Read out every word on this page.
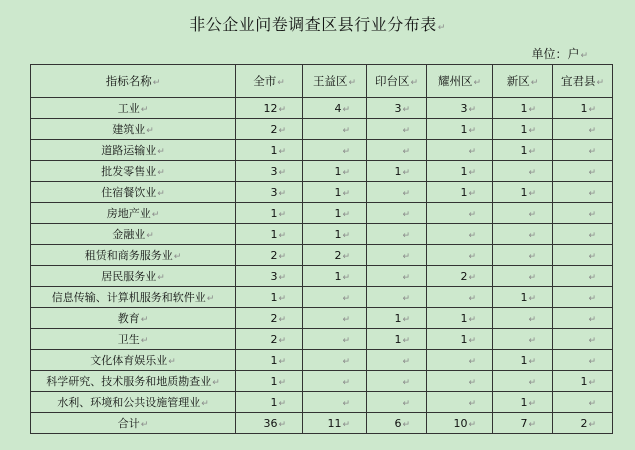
非公企业问卷调查区县行业分布表↵
单位：户↵
指标名称↵	全市↵	王益区↵	印台区↵	耀州区↵	新区↵	宜君县↵
工业↵	12↵	4↵	3↵	3↵	1↵	1↵
建筑业↵	2↵	↵	↵	1↵	1↵	↵
道路运输业↵	1↵	↵	↵	↵	1↵	↵
批发零售业↵	3↵	1↵	1↵	1↵	↵	↵
住宿餐饮业↵	3↵	1↵	↵	1↵	1↵	↵
房地产业↵	1↵	1↵	↵	↵	↵	↵
金融业↵	1↵	1↵	↵	↵	↵	↵
租赁和商务服务业↵	2↵	2↵	↵	↵	↵	↵
居民服务业↵	3↵	1↵	↵	2↵	↵	↵
信息传输、计算机服务和软件业↵	1↵	↵	↵	↵	1↵	↵
教育↵	2↵	↵	1↵	1↵	↵	↵
卫生↵	2↵	↵	1↵	1↵	↵	↵
文化体育娱乐业↵	1↵	↵	↵	↵	1↵	↵
科学研究、技术服务和地质勘查业↵	1↵	↵	↵	↵	↵	1↵
水利、环境和公共设施管理业↵	1↵	↵	↵	↵	1↵	↵
合计↵	36↵	11↵	6↵	10↵	7↵	2↵
